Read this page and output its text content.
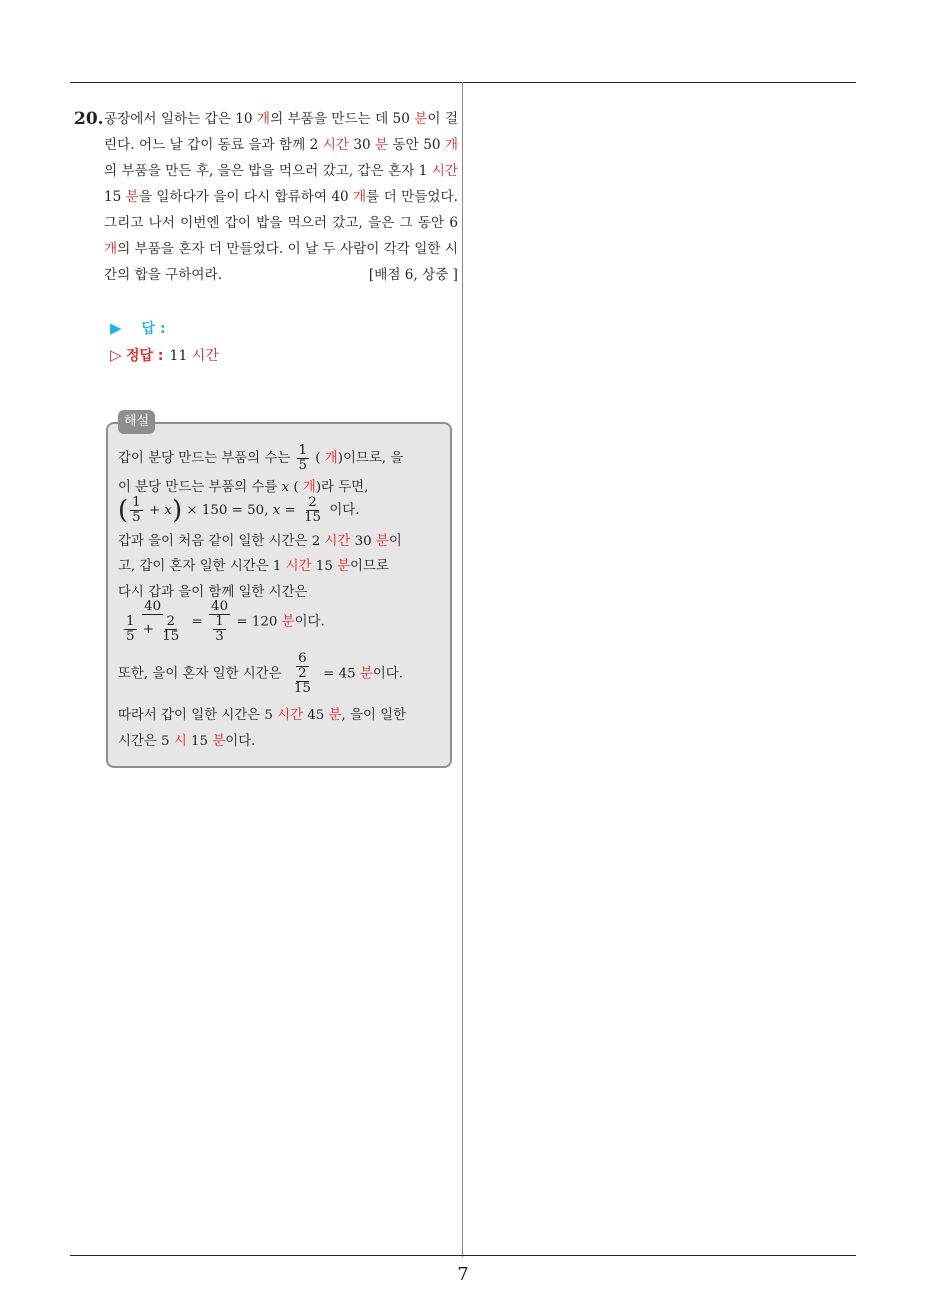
20. 공장에서 일하는 갑은 10 개의 부품을 만드는 데 50 분이 걸린다. 어느 날 갑이 동료 을과 함께 2 시간 30 분 동안 50 개의 부품을 만든 후, 을은 밥을 먹으러 갔고, 갑은 혼자 1 시간 15 분을 일하다가 을이 다시 합류하여 40 개를 더 만들었다. 그리고 나서 이번엔 갑이 밥을 먹으러 갔고, 을은 그 동안 6 개의 부품을 혼자 더 만들었다. 이 날 두 사람이 각각 일한 시간의 합을 구하여라.	[배점 6, 상중 ]
▶ 답 :
▷ 정답 : 11 시간
해설
갑이 분당 만드는 부품의 수는 $\frac{1}{5}$ ( 개)이므로, 을
이 분당 만드는 부품의 수를 x ( 개)라 두면,
( $\frac{1}{5} + x) \times 150 = 50$, $x = \frac{2}{15}$ 이다.
갑과 을이 처음 같이 일한 시간은 2 시간 30 분이
고, 갑이 혼자 일한 시간은 1 시간 15 분이므로
다시 갑과 을이 함께 일한 시간은
$\frac{40}{\frac{1}{5} + \frac{2}{15}} = \frac{40}{\frac{1}{3}} = 120$ 분이다.
또한, 을이 혼자 일한 시간은 $\frac{6}{\frac{2}{15}} = 45$ 분이다.
따라서 갑이 일한 시간은 5 시간 45 분, 을이 일한
시간은 5 시 15 분이다.
7
